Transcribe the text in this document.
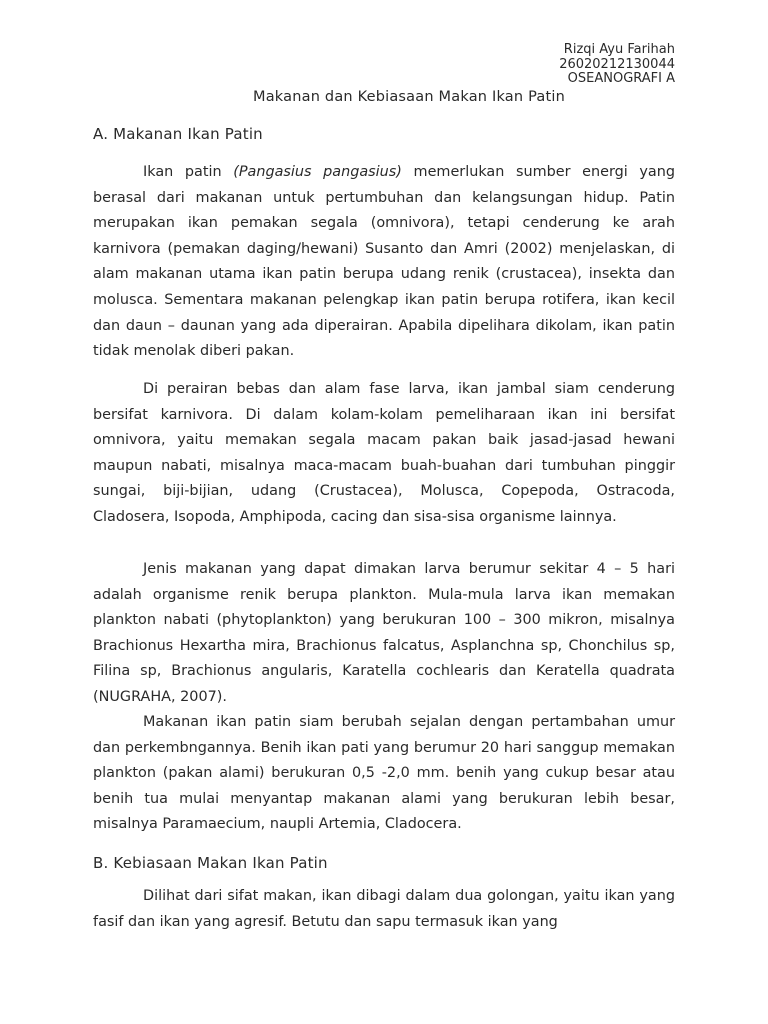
Rizqi Ayu Farihah
26020212130044
OSEANOGRAFI A
Makanan dan Kebiasaan Makan Ikan Patin
A. Makanan Ikan Patin

Ikan patin (Pangasius pangasius) memerlukan sumber energi yang berasal dari makanan untuk pertumbuhan dan kelangsungan hidup. Patin merupakan ikan pemakan segala (omnivora), tetapi cenderung ke arah karnivora (pemakan daging/hewani) Susanto dan Amri (2002) menjelaskan, di alam makanan utama ikan patin berupa udang renik (crustacea), insekta dan molusca. Sementara makanan pelengkap ikan patin berupa rotifera, ikan kecil dan daun – daunan yang ada diperairan. Apabila dipelihara dikolam, ikan patin tidak menolak diberi pakan.

Di perairan bebas dan alam fase larva, ikan jambal siam cenderung bersifat karnivora. Di dalam kolam-kolam pemeliharaan ikan ini bersifat omnivora, yaitu memakan segala macam pakan baik jasad-jasad hewani maupun nabati, misalnya maca-macam buah-buahan dari tumbuhan pinggir sungai, biji-bijian, udang (Crustacea), Molusca, Copepoda, Ostracoda, Cladosera, Isopoda, Amphipoda, cacing dan sisa-sisa organisme lainnya.

Jenis makanan yang dapat dimakan larva berumur sekitar 4 – 5 hari adalah organisme renik berupa plankton. Mula-mula larva ikan memakan plankton nabati (phytoplankton) yang berukuran 100 – 300 mikron, misalnya Brachionus Hexartha mira, Brachionus falcatus, Asplanchna sp, Chonchilus sp, Filina sp, Brachionus angularis, Karatella cochlearis dan Keratella quadrata (NUGRAHA, 2007).

Makanan ikan patin siam berubah sejalan dengan pertambahan umur dan perkembngannya. Benih ikan pati yang berumur 20 hari sanggup memakan plankton (pakan alami) berukuran 0,5 -2,0 mm. benih yang cukup besar atau benih tua mulai menyantap makanan alami yang berukuran lebih besar, misalnya Paramaecium, naupli Artemia, Cladocera.

B. Kebiasaan Makan Ikan Patin

Dilihat dari sifat makan, ikan dibagi dalam dua golongan, yaitu ikan yang fasif dan ikan yang agresif. Betutu dan sapu termasuk ikan yang
